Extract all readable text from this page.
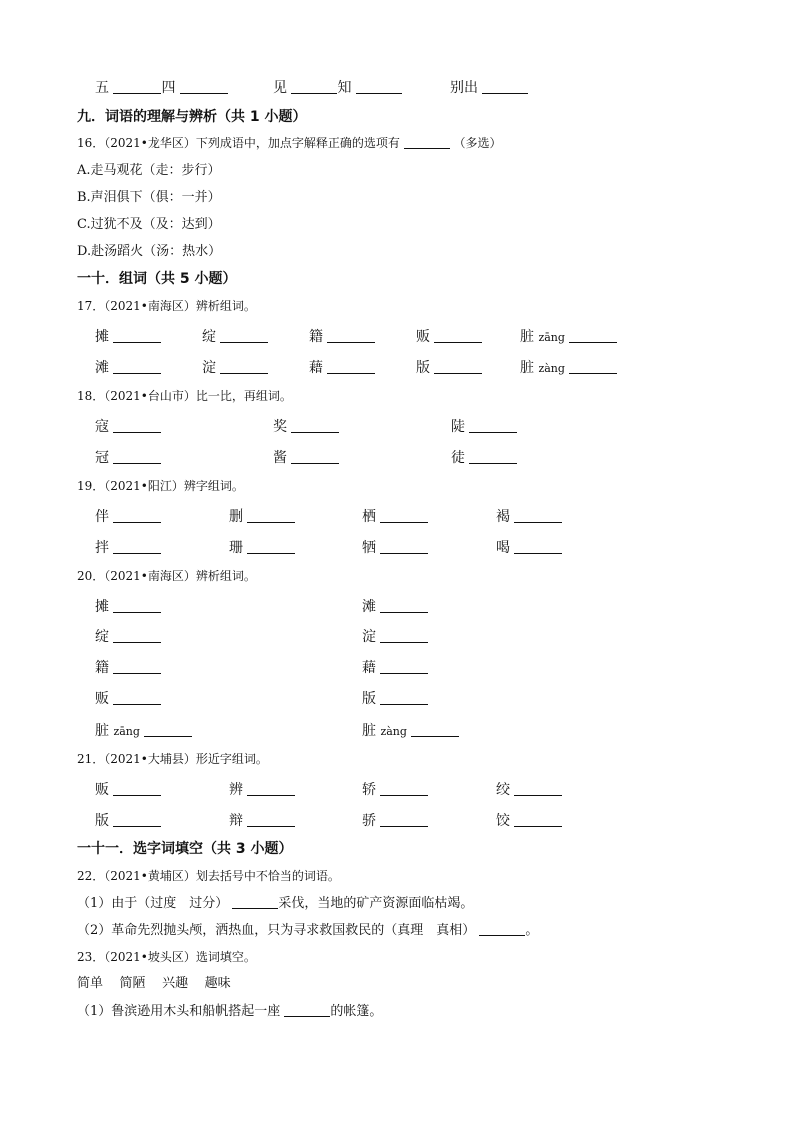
五	四	见	知	别出
九．词语的理解与辨析（共 1 小题）
16．（2021•龙华区）下列成语中，加点字解释正确的选项有	（多选）
A.走马观花（走：步行）
B.声泪俱下（俱：一并）
C.过犹不及（及：达到）
D.赴汤蹈火（汤：热水）
一十．组词（共 5 小题）
17．（2021•南海区）辨析组词。
摊	绽	籍	贩	脏 zāng
滩	淀	藉	版	脏 zàng
18．（2021•台山市）比一比，再组词。
寇	奖	陡
冠	酱	徒
19．（2021•阳江）辨字组词。
伴	删	栖	褐
拌	珊	牺	喝
20．（2021•南海区）辨析组词。
摊	滩
绽	淀
籍	藉
贩	版
脏 zāng	脏 zàng
21．（2021•大埔县）形近字组词。
贩	辨	轿	绞
版	辩	骄	饺
一十一．选字词填空（共 3 小题）
22．（2021•黄埔区）划去括号中不恰当的词语。
（1）由于（过度　过分）	采伐，当地的矿产资源面临枯竭。
（2）革命先烈抛头颅，洒热血，只为寻求救国救民的（真理　真相）	。
23．（2021•坡头区）选词填空。
简单 简陋 兴趣 趣味
（1）鲁滨逊用木头和船帆搭起一座	的帐篷。
